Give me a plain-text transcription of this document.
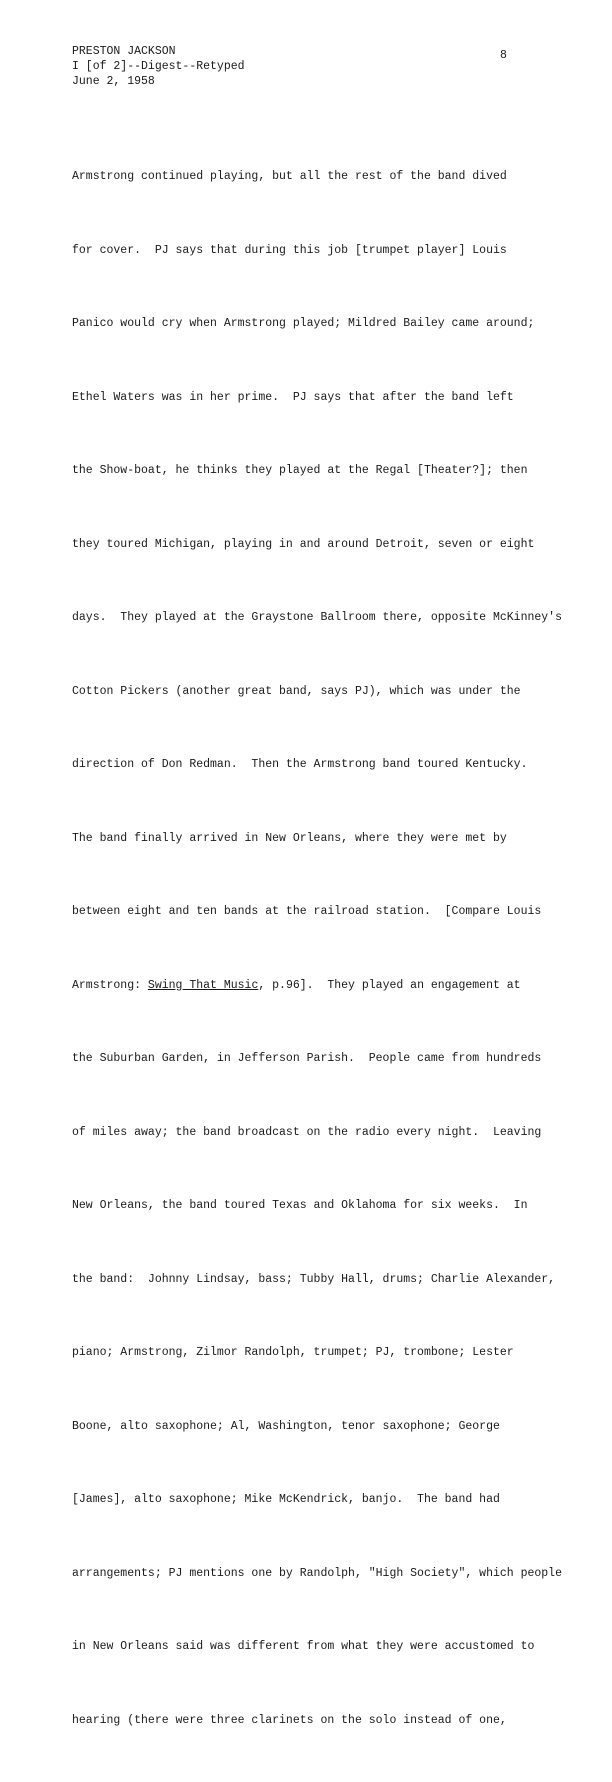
PRESTON JACKSON
I [of 2]--Digest--Retyped
June 2, 1958
8

Armstrong continued playing, but all the rest of the band dived

for cover.  PJ says that during this job [trumpet player] Louis

Panico would cry when Armstrong played; Mildred Bailey came around;

Ethel Waters was in her prime.  PJ says that after the band left

the Show-boat, he thinks they played at the Regal [Theater?]; then

they toured Michigan, playing in and around Detroit, seven or eight

days.  They played at the Graystone Ballroom there, opposite McKinney's

Cotton Pickers (another great band, says PJ), which was under the

direction of Don Redman.  Then the Armstrong band toured Kentucky.

The band finally arrived in New Orleans, where they were met by

between eight and ten bands at the railroad station.  [Compare Louis

Armstrong: Swing That Music, p.96].  They played an engagement at

the Suburban Garden, in Jefferson Parish.  People came from hundreds

of miles away; the band broadcast on the radio every night.  Leaving

New Orleans, the band toured Texas and Oklahoma for six weeks.  In

the band:  Johnny Lindsay, bass; Tubby Hall, drums; Charlie Alexander,

piano; Armstrong, Zilmor Randolph, trumpet; PJ, trombone; Lester

Boone, alto saxophone; Al, Washington, tenor saxophone; George

[James], alto saxophone; Mike McKendrick, banjo.  The band had

arrangements; PJ mentions one by Randolph, "High Society", which people

in New Orleans said was different from what they were accustomed to

hearing (there were three clarinets on the solo instead of one,
